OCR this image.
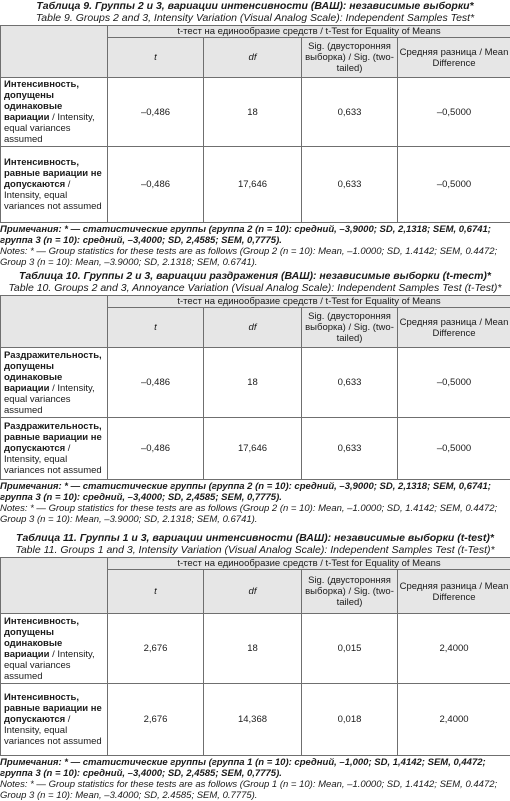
Таблица 9. Группы 2 и 3, вариации интенсивности (ВАШ): независимые выборки*
Table 9. Groups 2 and 3, Intensity Variation (Visual Analog Scale): Independent Samples Test*
	t-тест на единообразие средств / t-Test for Equality of Means			
	t	df	Sig. (двусторонняя выборка) / Sig. (two-tailed)	Средняя разница / Mean Difference
Интенсивность, допущены одинаковые вариации / Intensity, equal variances assumed	–0,486	18	0,633	–0,5000
Интенсивность, равные вариации не допускаются / Intensity, equal variances not assumed	–0,486	17,646	0,633	–0,5000
Примечания: * — статистические группы (группа 2 (n = 10): средний, –3,9000; SD, 2,1318; SEM, 0,6741; группа 3 (n = 10): средний, –3,4000; SD, 2,4585; SEM, 0,7775).
Notes: * — Group statistics for these tests are as follows (Group 2 (n = 10): Mean, –1.0000; SD, 1.4142; SEM, 0.4472; Group 3 (n = 10): Mean, –3.9000; SD, 2.1318; SEM, 0.6741).
Таблица 10. Группы 2 и 3, вариации раздражения (ВАШ): независимые выборки (t-тест)*
Table 10. Groups 2 and 3, Annoyance Variation (Visual Analog Scale): Independent Samples Test (t-Test)*
	t-тест на единообразие средств / t-Test for Equality of Means			
	t	df	Sig. (двусторонняя выборка) / Sig. (two-tailed)	Средняя разница / Mean Difference
Раздражительность, допущены одинаковые вариации / Intensity, equal variances assumed	–0,486	18	0,633	–0,5000
Раздражительность, равные вариации не допускаются / Intensity, equal variances not assumed	–0,486	17,646	0,633	–0,5000
Примечания: * — статистические группы (группа 2 (n = 10): средний, –3,9000; SD, 2,1318; SEM, 0,6741; группа 3 (n = 10): средний, –3,4000; SD, 2,4585; SEM, 0,7775).
Notes: * — Group statistics for these tests are as follows (Group 2 (n = 10): Mean, –1.0000; SD, 1.4142; SEM, 0.4472; Group 3 (n = 10): Mean, –3.9000; SD, 2.1318; SEM, 0.6741).
Таблица 11. Группы 1 и 3, вариации интенсивности (ВАШ): независимые выборки (t-test)*
Table 11. Groups 1 and 3, Intensity Variation (Visual Analog Scale): Independent Samples Test (t-Test)*
	t-тест на единообразие средств / t-Test for Equality of Means			
	t	df	Sig. (двусторонняя выборка) / Sig. (two-tailed)	Средняя разница / Mean Difference
Интенсивность, допущены одинаковые вариации / Intensity, equal variances assumed	2,676	18	0,015	2,4000
Интенсивность, равные вариации не допускаются / Intensity, equal variances not assumed	2,676	14,368	0,018	2,4000
Примечания: * — статистические группы (группа 1 (n = 10): средний, –1,000; SD, 1,4142; SEM, 0,4472; группа 3 (n = 10): средний, –3,4000; SD, 2,4585; SEM, 0,7775).
Notes: * — Group statistics for these tests are as follows (Group 1 (n = 10): Mean, –1.0000; SD, 1.4142; SEM, 0.4472; Group 3 (n = 10): Mean, –3.4000; SD, 2.4585; SEM, 0.7775).
